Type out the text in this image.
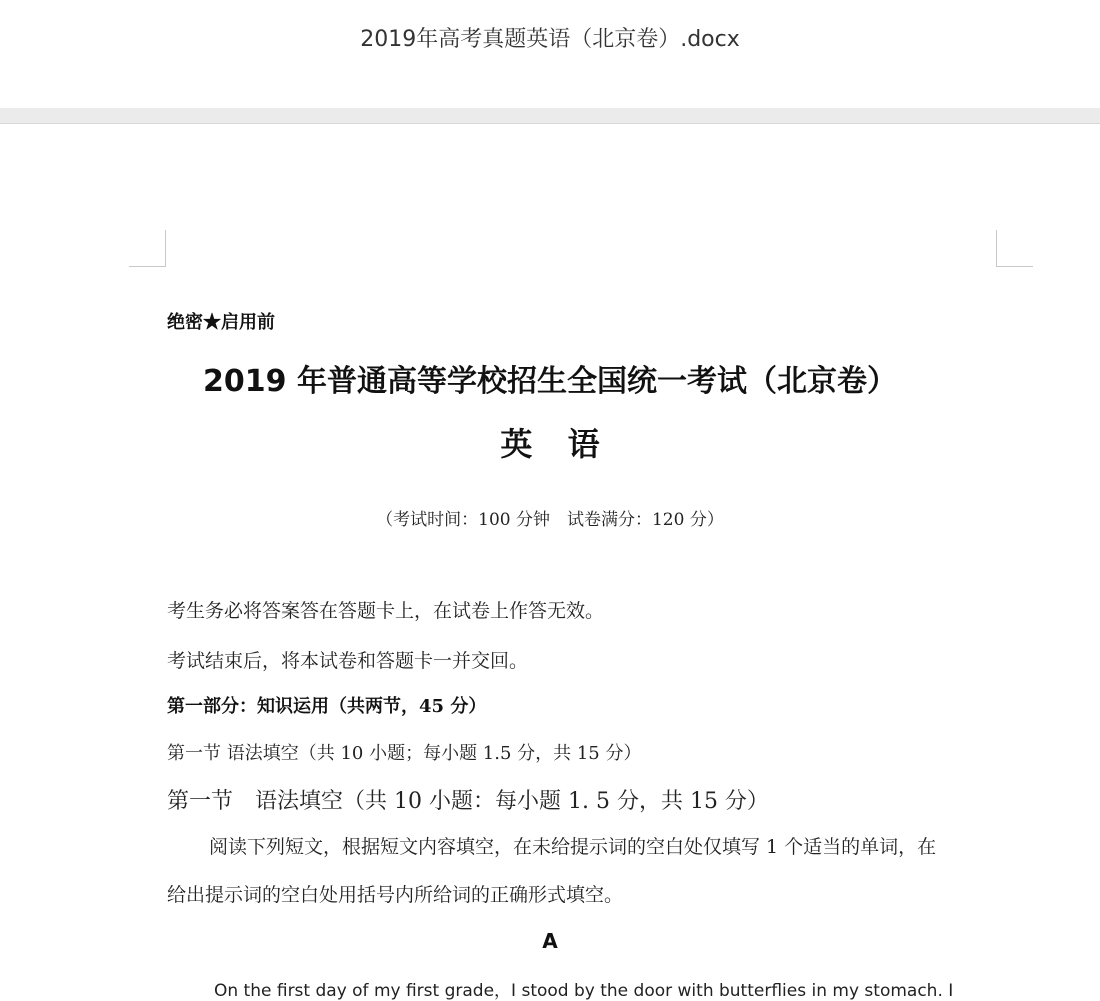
2019年高考真题英语（北京卷）.docx
绝密★启用前
2019 年普通高等学校招生全国统一考试（北京卷）
英 语
（考试时间：100 分钟　试卷满分：120 分）
考生务必将答案答在答题卡上，在试卷上作答无效。
考试结束后，将本试卷和答题卡一并交回。
第一部分：知识运用（共两节，45 分）
第一节 语法填空（共 10 小题；每小题 1.5 分，共 15 分）
第一节　语法填空（共 10 小题：每小题 1. 5 分，共 15 分）
阅读下列短文，根据短文内容填空，在未给提示词的空白处仅填写 1 个适当的单词，在
给出提示词的空白处用括号内所给词的正确形式填空。
A
On the first day of my first grade，I stood by the door with butterflies in my stomach. I
